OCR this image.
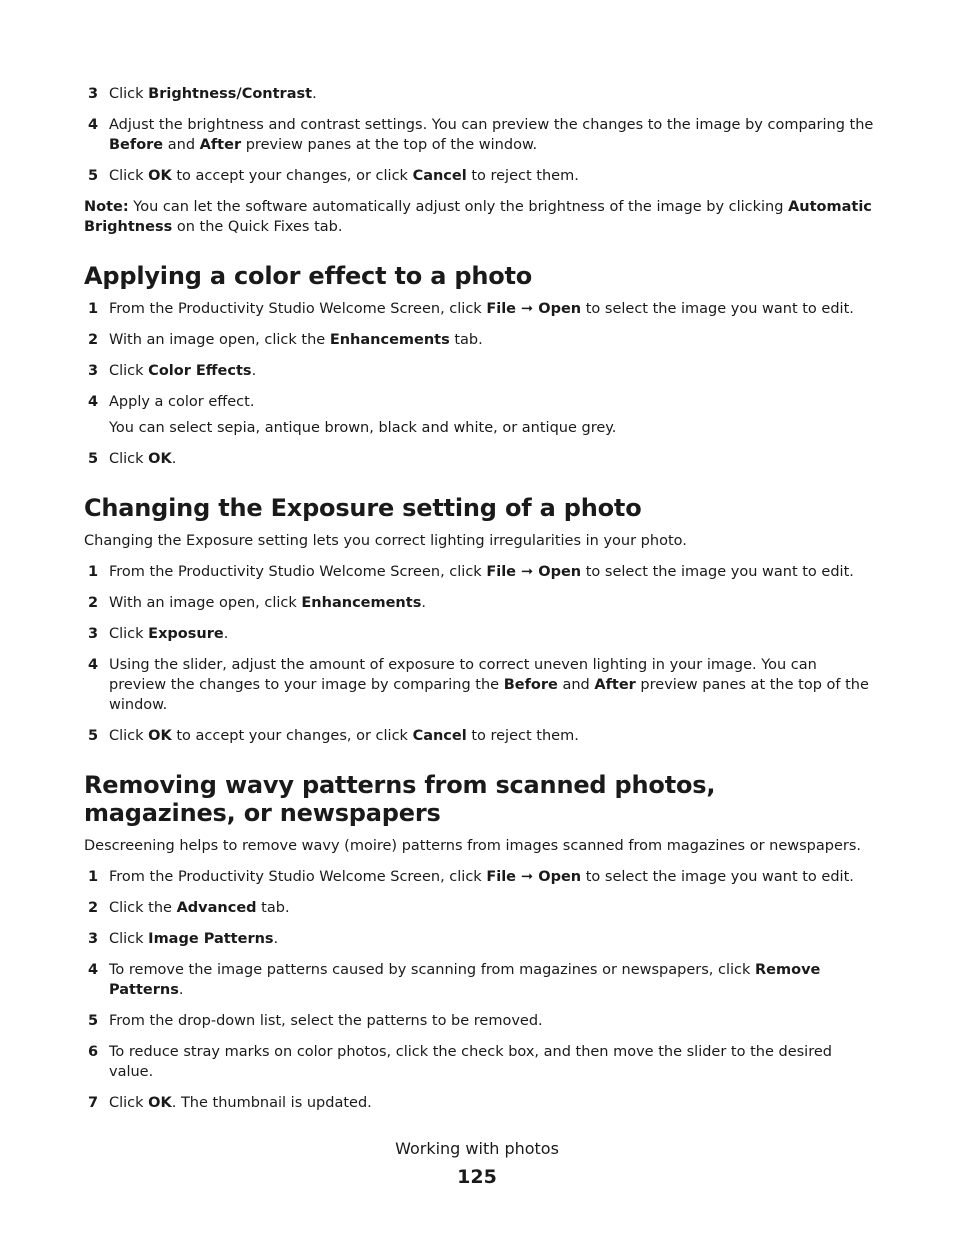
3 Click Brightness/Contrast.
4 Adjust the brightness and contrast settings. You can preview the changes to the image by comparing the Before and After preview panes at the top of the window.
5 Click OK to accept your changes, or click Cancel to reject them.
Note: You can let the software automatically adjust only the brightness of the image by clicking Automatic Brightness on the Quick Fixes tab.
Applying a color effect to a photo
1 From the Productivity Studio Welcome Screen, click File ➞ Open to select the image you want to edit.
2 With an image open, click the Enhancements tab.
3 Click Color Effects.
4 Apply a color effect.
You can select sepia, antique brown, black and white, or antique grey.
5 Click OK.
Changing the Exposure setting of a photo
Changing the Exposure setting lets you correct lighting irregularities in your photo.
1 From the Productivity Studio Welcome Screen, click File ➞ Open to select the image you want to edit.
2 With an image open, click Enhancements.
3 Click Exposure.
4 Using the slider, adjust the amount of exposure to correct uneven lighting in your image. You can preview the changes to your image by comparing the Before and After preview panes at the top of the window.
5 Click OK to accept your changes, or click Cancel to reject them.
Removing wavy patterns from scanned photos, magazines, or newspapers
Descreening helps to remove wavy (moire) patterns from images scanned from magazines or newspapers.
1 From the Productivity Studio Welcome Screen, click File ➞ Open to select the image you want to edit.
2 Click the Advanced tab.
3 Click Image Patterns.
4 To remove the image patterns caused by scanning from magazines or newspapers, click Remove Patterns.
5 From the drop-down list, select the patterns to be removed.
6 To reduce stray marks on color photos, click the check box, and then move the slider to the desired value.
7 Click OK. The thumbnail is updated.
Working with photos
125
